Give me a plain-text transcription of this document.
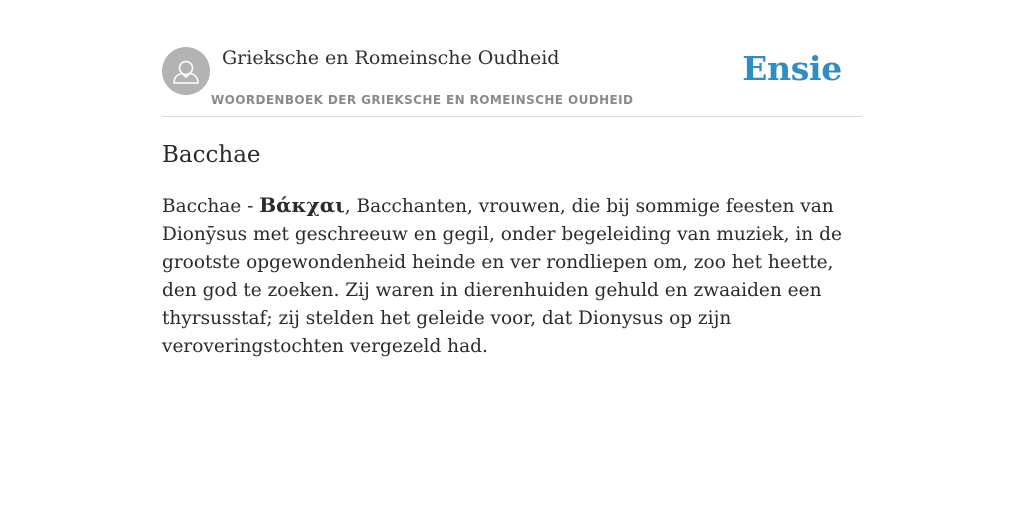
Grieksche en Romeinsche Oudheid
WOORDENBOEK DER GRIEKSCHE EN ROMEINSCHE OUDHEID
Ensie
Bacchae

Bacchae - Βάκχαι, Bacchanten, vrouwen, die bij sommige feesten van Dionȳsus met geschreeuw en gegil, onder begeleiding van muziek, in de grootste opgewondenheid heinde en ver rondliepen om, zoo het heette, den god te zoeken. Zij waren in dierenhuiden gehuld en zwaaiden een thyrsusstaf; zij stelden het geleide voor, dat Dionysus op zijn veroveringstochten vergezeld had.
